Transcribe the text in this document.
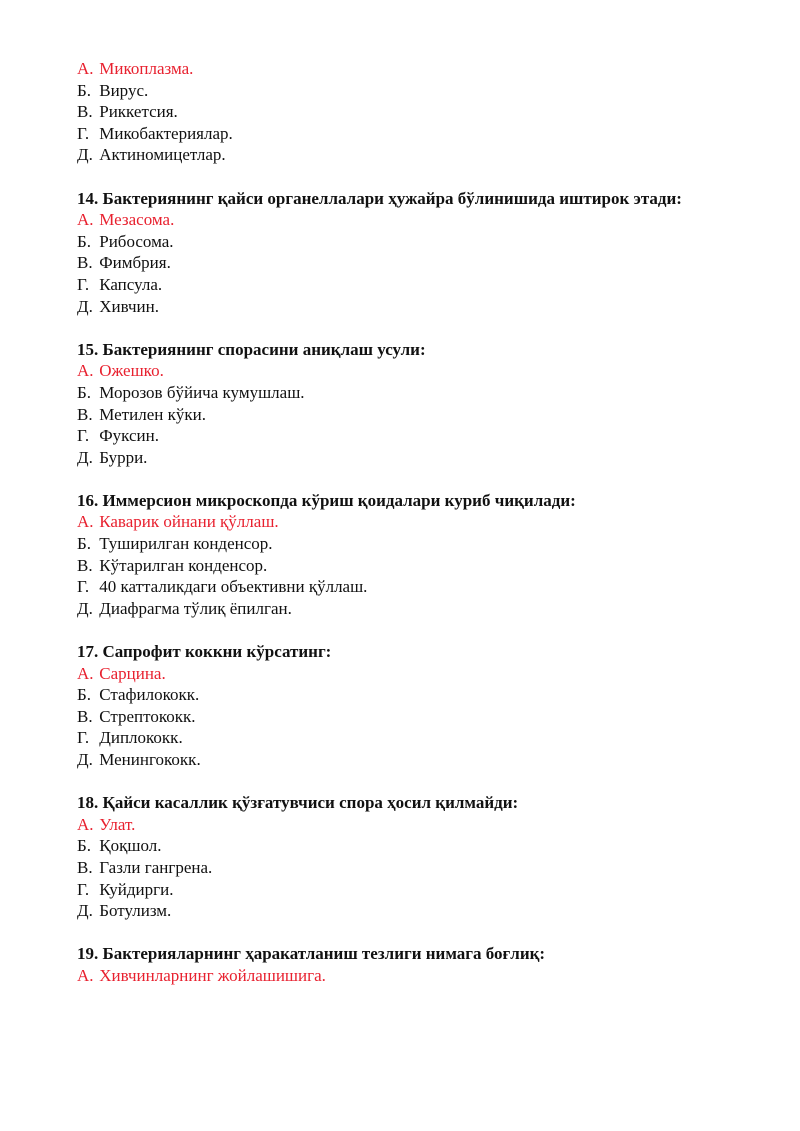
А. Микоплазма.
Б. Вирус.
В. Риккетсия.
Г. Микобактериялар.
Д. Актиномицетлар.
14. Бактериянинг қайси органеллалари ҳужайра бўлинишида иштирок этади:
А. Мезасома.
Б. Рибосома.
В. Фимбрия.
Г. Капсула.
Д. Хивчин.
15. Бактериянинг спорасини аниқлаш усули:
А. Ожешко.
Б. Морозов бўйича кумушлаш.
В. Метилен кўки.
Г. Фуксин.
Д. Бурри.
16. Иммерсион микроскопда кўриш қоидалари куриб чиқилади:
А. Каварик ойнани қўллаш.
Б. Туширилган конденсор.
В. Кўтарилган конденсор.
Г. 40 катталикдаги объективни қўллаш.
Д. Диафрагма тўлиқ ёпилган.
17. Сапрофит коккни кўрсатинг:
А. Сарцина.
Б. Стафилококк.
В. Стрептококк.
Г. Диплококк.
Д. Менингококк.
18. Қайси касаллик қўзғатувчиси спора ҳосил қилмайди:
А. Улат.
Б. Қоқшол.
В. Газли гангрена.
Г. Куйдирги.
Д. Ботулизм.
19. Бактерияларнинг ҳаракатланиш тезлиги нимага боғлиқ:
А. Хивчинларнинг жойлашишига.
